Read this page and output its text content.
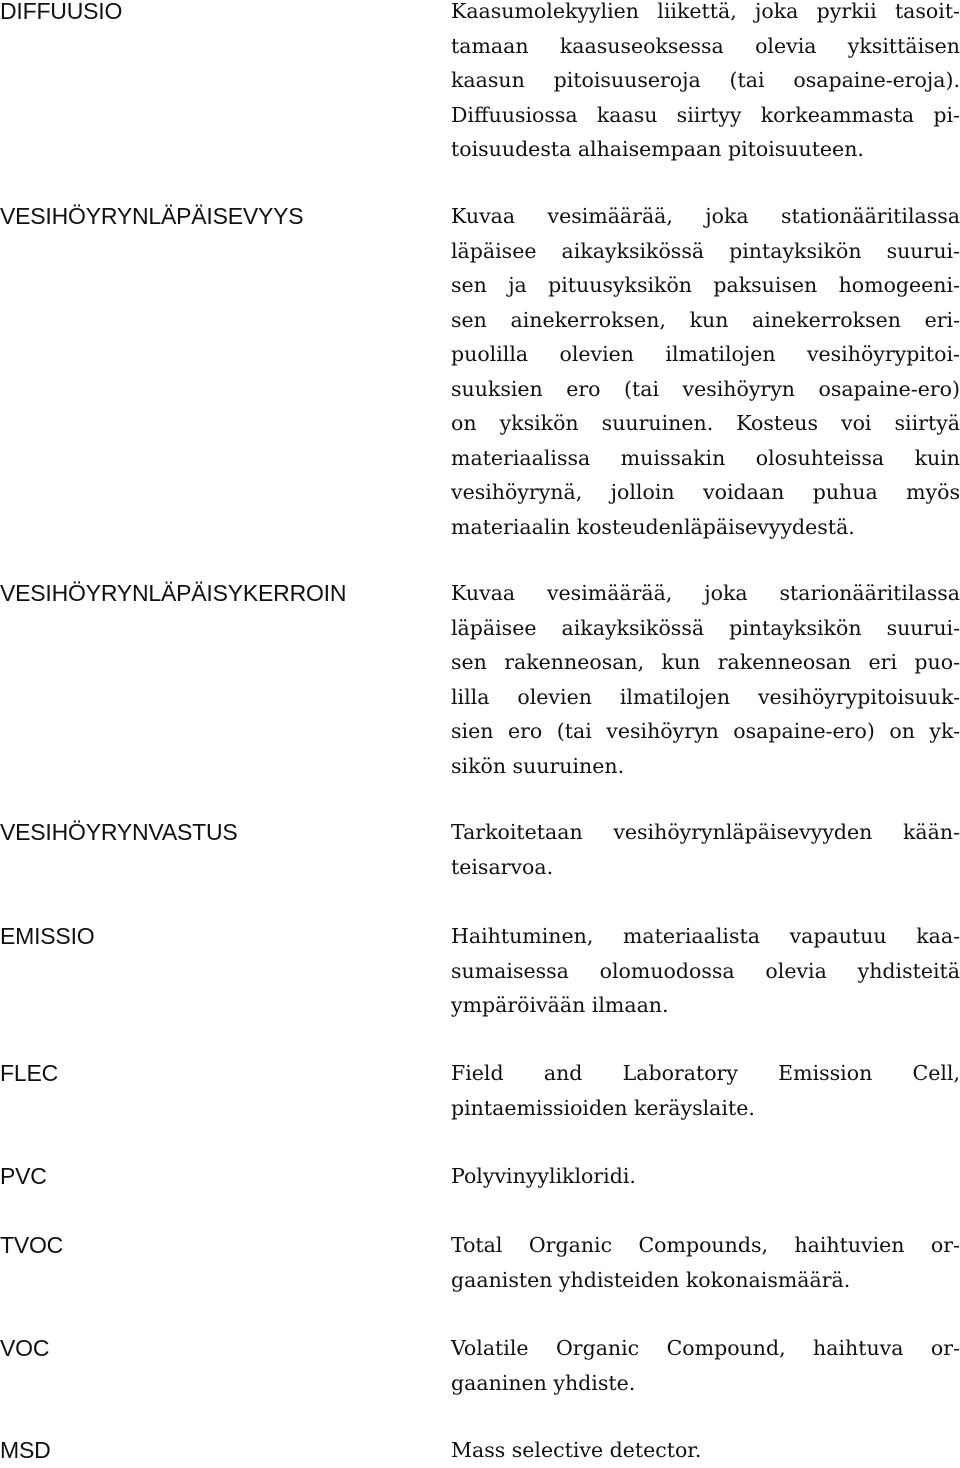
DIFFUUSIO	Kaasumolekyylien liikettä, joka pyrkii tasoit-
tamaan kaasuseoksessa olevia yksittäisen
kaasun pitoisuuseroja (tai osapaine-eroja).
Diffuusiossa kaasu siirtyy korkeammasta pi-
toisuudesta alhaisempaan pitoisuuteen.
VESIHÖYRYNLÄPÄISEVYYS	Kuvaa vesimäärää, joka stationääritilassa
läpäisee aikayksikössä pintayksikön suurui-
sen ja pituusyksikön paksuisen homogeeni-
sen ainekerroksen, kun ainekerroksen eri-
puolilla olevien ilmatilojen vesihöyrypitoi-
suuksien ero (tai vesihöyryn osapaine-ero)
on yksikön suuruinen. Kosteus voi siirtyä
materiaalissa muissakin olosuhteissa kuin
vesihöyrynä, jolloin voidaan puhua myös
materiaalin kosteudenläpäisevyydestä.
VESIHÖYRYNLÄPÄISYKERROIN	Kuvaa vesimäärää, joka starionääritilassa
läpäisee aikayksikössä pintayksikön suurui-
sen rakenneosan, kun rakenneosan eri puo-
lilla olevien ilmatilojen vesihöyrypitoisuuk-
sien ero (tai vesihöyryn osapaine-ero) on yk-
sikön suuruinen.
VESIHÖYRYNVASTUS	Tarkoitetaan vesihöyrynläpäisevyyden kään-
teisarvoa.
EMISSIO	Haihtuminen, materiaalista vapautuu kaa-
sumaisessa olomuodossa olevia yhdisteitä
ympäröivään ilmaan.
FLEC	Field and Laboratory Emission Cell,
pintaemissioiden keräyslaite.
PVC	Polyvinyylikloridi.
TVOC	Total Organic Compounds, haihtuvien or-
gaanisten yhdisteiden kokonaismäärä.
VOC	Volatile Organic Compound, haihtuva or-
gaaninen yhdiste.
MSD	Mass selective detector.
